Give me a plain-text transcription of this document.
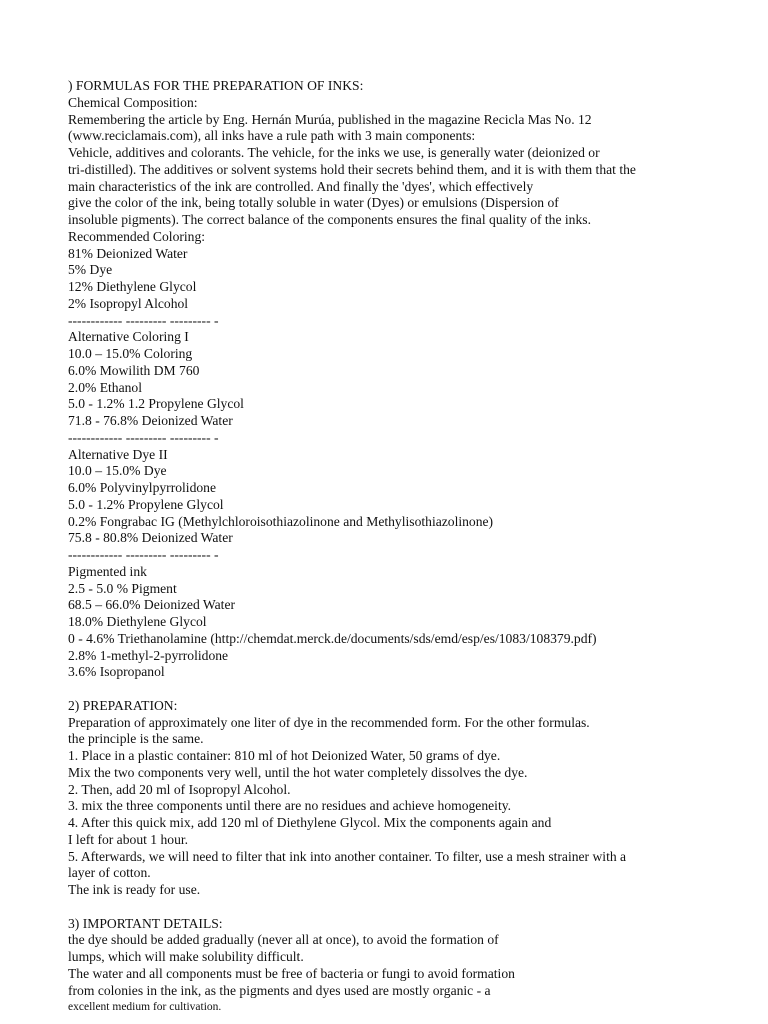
) FORMULAS FOR THE PREPARATION OF INKS:
Chemical Composition:
Remembering the article by Eng. Hernán Murúa, published in the magazine Recicla Mas No. 12
(www.reciclamais.com), all inks have a rule path with 3 main components:
Vehicle, additives and colorants. The vehicle, for the inks we use, is generally water (deionized or
tri-distilled). The additives or solvent systems hold their secrets behind them, and it is with them that the
main characteristics of the ink are controlled. And finally the 'dyes', which effectively
give the color of the ink, being totally soluble in water (Dyes) or emulsions (Dispersion of
insoluble pigments). The correct balance of the components ensures the final quality of the inks.
Recommended Coloring:
81% Deionized Water
5% Dye
12% Diethylene Glycol
2% Isopropyl Alcohol
------------ --------- --------- -
Alternative Coloring I
10.0 – 15.0% Coloring
6.0% Mowilith DM 760
2.0% Ethanol
5.0 - 1.2% 1.2 Propylene Glycol
71.8 - 76.8% Deionized Water
------------ --------- --------- -
Alternative Dye II
10.0 – 15.0% Dye
6.0% Polyvinylpyrrolidone
5.0 - 1.2% Propylene Glycol
0.2% Fongrabac IG (Methylchloroisothiazolinone and Methylisothiazolinone)
75.8 - 80.8% Deionized Water
------------ --------- --------- -
Pigmented ink
2.5 - 5.0 % Pigment
68.5 – 66.0% Deionized Water
18.0% Diethylene Glycol
0 - 4.6% Triethanolamine (http://chemdat.merck.de/documents/sds/emd/esp/es/1083/108379.pdf)
2.8% 1-methyl-2-pyrrolidone
3.6% Isopropanol
2) PREPARATION:
Preparation of approximately one liter of dye in the recommended form. For the other formulas.
the principle is the same.
1. Place in a plastic container: 810 ml of hot Deionized Water, 50 grams of dye.
Mix the two components very well, until the hot water completely dissolves the dye.
2. Then, add 20 ml of Isopropyl Alcohol.
3. mix the three components until there are no residues and achieve homogeneity.
4. After this quick mix, add 120 ml of Diethylene Glycol. Mix the components again and
I left for about 1 hour.
5. Afterwards, we will need to filter that ink into another container. To filter, use a mesh strainer with a
layer of cotton.
The ink is ready for use.
3) IMPORTANT DETAILS:
the dye should be added gradually (never all at once), to avoid the formation of
lumps, which will make solubility difficult.
The water and all components must be free of bacteria or fungi to avoid formation
from colonies in the ink, as the pigments and dyes used are mostly organic - a
excellent medium for cultivation.
